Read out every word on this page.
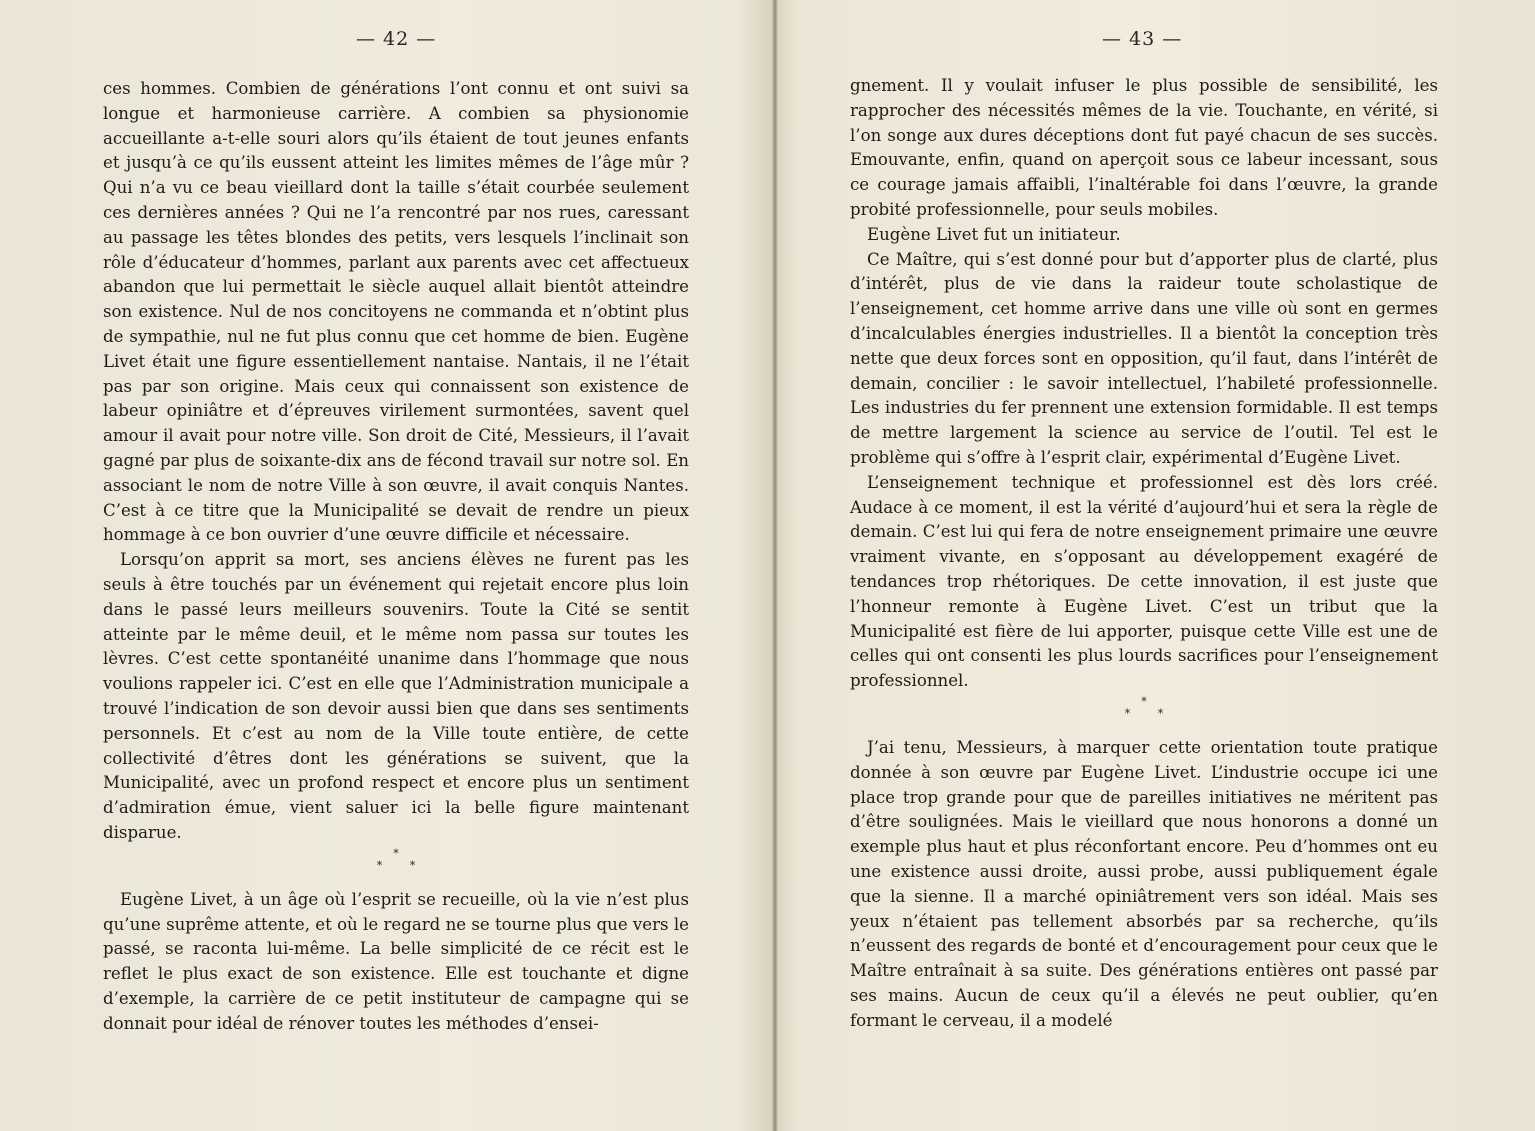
— 42 —

ces hommes. Combien de générations l’ont connu et ont suivi sa longue et harmonieuse carrière. A combien sa physionomie accueillante a-t-elle souri alors qu’ils étaient de tout jeunes enfants et jusqu’à ce qu’ils eussent atteint les limites mêmes de l’âge mûr ? Qui n’a vu ce beau vieillard dont la taille s’était courbée seulement ces dernières années ? Qui ne l’a rencontré par nos rues, caressant au passage les têtes blondes des petits, vers lesquels l’inclinait son rôle d’éducateur d’hommes, parlant aux parents avec cet affectueux abandon que lui permettait le siècle auquel allait bientôt atteindre son existence. Nul de nos concitoyens ne commanda et n’obtint plus de sympathie, nul ne fut plus connu que cet homme de bien. Eugène Livet était une figure essentiellement nantaise. Nantais, il ne l’était pas par son origine. Mais ceux qui connaissent son existence de labeur opiniâtre et d’épreuves virilement surmontées, savent quel amour il avait pour notre ville. Son droit de Cité, Messieurs, il l’avait gagné par plus de soixante-dix ans de fécond travail sur notre sol. En associant le nom de notre Ville à son œuvre, il avait conquis Nantes. C’est à ce titre que la Municipalité se devait de rendre un pieux hommage à ce bon ouvrier d’une œuvre difficile et nécessaire.

Lorsqu’on apprit sa mort, ses anciens élèves ne furent pas les seuls à être touchés par un événement qui rejetait encore plus loin dans le passé leurs meilleurs souvenirs. Toute la Cité se sentit atteinte par le même deuil, et le même nom passa sur toutes les lèvres. C’est cette spontanéité unanime dans l’hommage que nous voulions rappeler ici. C’est en elle que l’Administration municipale a trouvé l’indication de son devoir aussi bien que dans ses sentiments personnels. Et c’est au nom de la Ville toute entière, de cette collectivité d’êtres dont les générations se suivent, que la Municipalité, avec un profond respect et encore plus un sentiment d’admiration émue, vient saluer ici la belle figure maintenant disparue.

*
* *

Eugène Livet, à un âge où l’esprit se recueille, où la vie n’est plus qu’une suprême attente, et où le regard ne se tourne plus que vers le passé, se raconta lui-même. La belle simplicité de ce récit est le reflet le plus exact de son existence. Elle est touchante et digne d’exemple, la carrière de ce petit instituteur de campagne qui se donnait pour idéal de rénover toutes les méthodes d’ensei-

— 43 —

gnement. Il y voulait infuser le plus possible de sensibilité, les rapprocher des nécessités mêmes de la vie. Touchante, en vérité, si l’on songe aux dures déceptions dont fut payé chacun de ses succès. Emouvante, enfin, quand on aperçoit sous ce labeur incessant, sous ce courage jamais affaibli, l’inaltérable foi dans l’œuvre, la grande probité professionnelle, pour seuls mobiles.

Eugène Livet fut un initiateur.

Ce Maître, qui s’est donné pour but d’apporter plus de clarté, plus d’intérêt, plus de vie dans la raideur toute scholastique de l’enseignement, cet homme arrive dans une ville où sont en germes d’incalculables énergies industrielles. Il a bientôt la conception très nette que deux forces sont en opposition, qu’il faut, dans l’intérêt de demain, concilier : le savoir intellectuel, l’habileté professionnelle. Les industries du fer prennent une extension formidable. Il est temps de mettre largement la science au service de l’outil. Tel est le problème qui s’offre à l’esprit clair, expérimental d’Eugène Livet.

L’enseignement technique et professionnel est dès lors créé. Audace à ce moment, il est la vérité d’aujourd’hui et sera la règle de demain. C’est lui qui fera de notre enseignement primaire une œuvre vraiment vivante, en s’opposant au développement exagéré de tendances trop rhétoriques. De cette innovation, il est juste que l’honneur remonte à Eugène Livet. C’est un tribut que la Municipalité est fière de lui apporter, puisque cette Ville est une de celles qui ont consenti les plus lourds sacrifices pour l’enseignement professionnel.

*
* *

J’ai tenu, Messieurs, à marquer cette orientation toute pratique donnée à son œuvre par Eugène Livet. L’industrie occupe ici une place trop grande pour que de pareilles initiatives ne méritent pas d’être soulignées. Mais le vieillard que nous honorons a donné un exemple plus haut et plus réconfortant encore. Peu d’hommes ont eu une existence aussi droite, aussi probe, aussi publiquement égale que la sienne. Il a marché opiniâtrement vers son idéal. Mais ses yeux n’étaient pas tellement absorbés par sa recherche, qu’ils n’eussent des regards de bonté et d’encouragement pour ceux que le Maître entraînait à sa suite. Des générations entières ont passé par ses mains. Aucun de ceux qu’il a élevés ne peut oublier, qu’en formant le cerveau, il a modelé
